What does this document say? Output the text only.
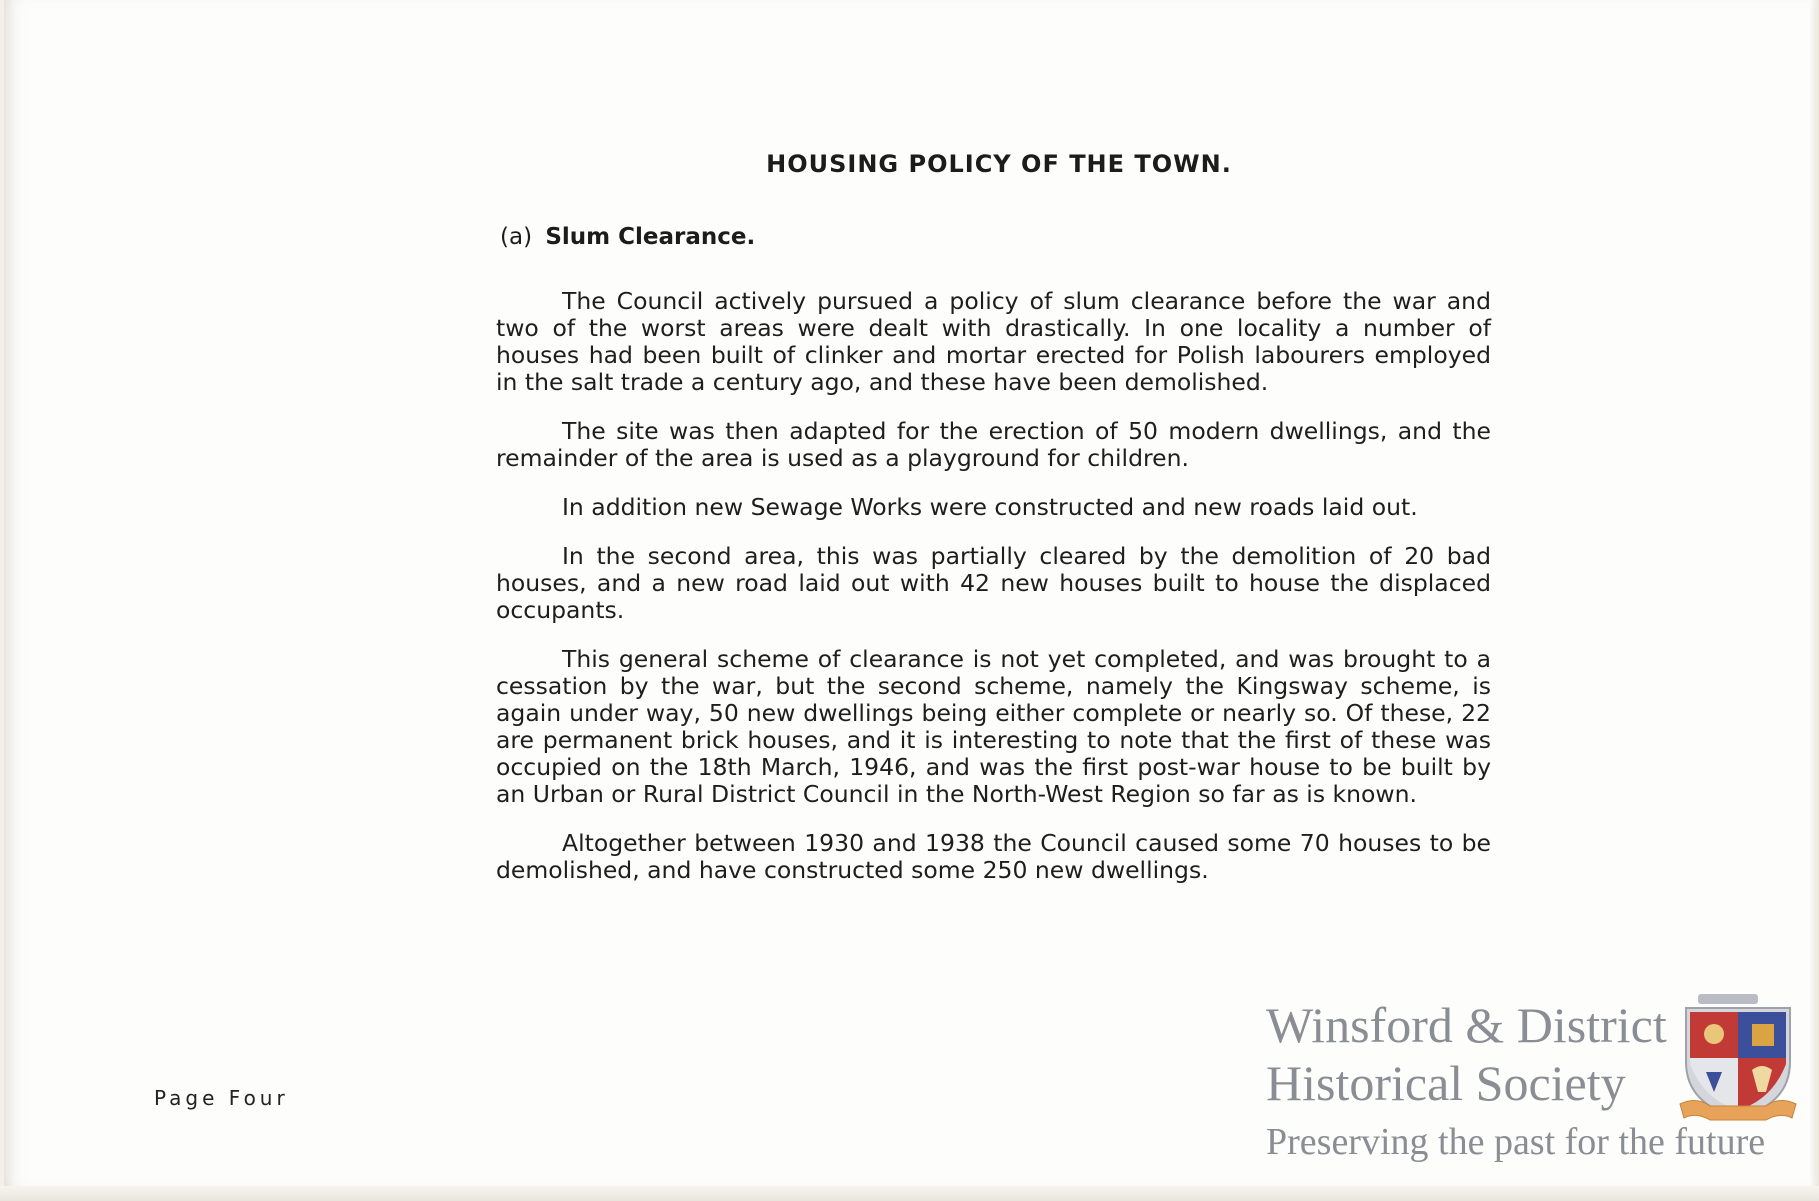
HOUSING POLICY OF THE TOWN.
(a) Slum Clearance.

The Council actively pursued a policy of slum clearance before the war and two of the worst areas were dealt with drastically. In one locality a number of houses had been built of clinker and mortar erected for Polish labourers employed in the salt trade a century ago, and these have been demolished.

The site was then adapted for the erection of 50 modern dwellings, and the remainder of the area is used as a playground for children.

In addition new Sewage Works were constructed and new roads laid out.

In the second area, this was partially cleared by the demolition of 20 bad houses, and a new road laid out with 42 new houses built to house the displaced occupants.

This general scheme of clearance is not yet completed, and was brought to a cessation by the war, but the second scheme, namely the Kingsway scheme, is again under way, 50 new dwellings being either complete or nearly so. Of these, 22 are permanent brick houses, and it is interesting to note that the first of these was occupied on the 18th March, 1946, and was the first post-war house to be built by an Urban or Rural District Council in the North-West Region so far as is known.

Altogether between 1930 and 1938 the Council caused some 70 houses to be demolished, and have constructed some 250 new dwellings.

Page Four
Winsford & District
Historical Society
Preserving the past for the future
